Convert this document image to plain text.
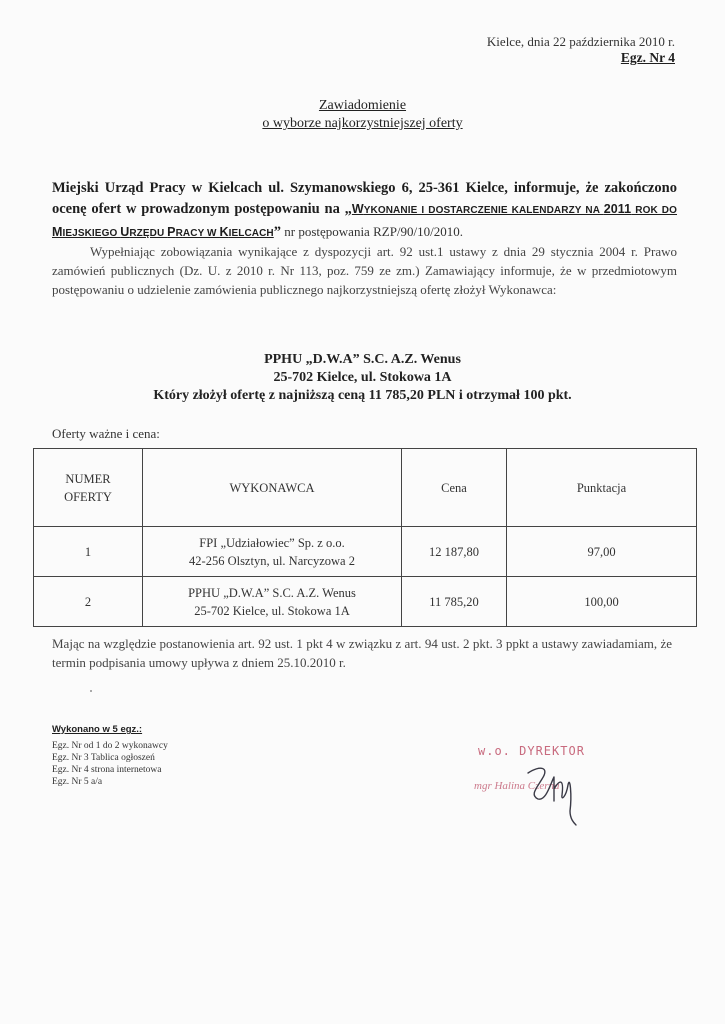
Kielce, dnia 22 października 2010 r.
Egz. Nr 4
Zawiadomienie
o wyborze najkorzystniejszej oferty
Miejski Urząd Pracy w Kielcach ul. Szymanowskiego 6, 25-361 Kielce, informuje, że zakończono ocenę ofert w prowadzonym postępowaniu na „WYKONANIE I DOSTARCZENIE KALENDARZY NA 2011 ROK DO MIEJSKIEGO URZĘDU PRACY W KIELCACH” nr postępowania RZP/90/10/2010.
Wypełniając zobowiązania wynikające z dyspozycji art. 92 ust.1 ustawy z dnia 29 stycznia 2004 r. Prawo zamówień publicznych (Dz. U. z 2010 r. Nr 113, poz. 759 ze zm.) Zamawiający informuje, że w przedmiotowym postępowaniu o udzielenie zamówienia publicznego najkorzystniejszą ofertę złożył Wykonawca:
PPHU „D.W.A” S.C. A.Z. Wenus
25-702 Kielce, ul. Stokowa 1A
Który złożył ofertę z najniższą ceną 11 785,20 PLN i otrzymał 100 pkt.
Oferty ważne i cena:
NUMER
OFERTY	WYKONAWCA	Cena	Punktacja
1	FPI „Udziałowiec” Sp. z o.o.
42-256 Olsztyn, ul. Narcyzowa 2	12 187,80	97,00
2	PPHU „D.W.A” S.C. A.Z. Wenus
25-702 Kielce, ul. Stokowa 1A	11 785,20	100,00
Mając na względzie postanowienia art. 92 ust. 1 pkt 4 w związku z art. 94 ust. 2 pkt. 3 ppkt a ustawy zawiadamiam, że termin podpisania umowy upływa z dniem 25.10.2010 r.
Wykonano w 5 egz.:
Egz. Nr od 1 do 2 wykonawcy
Egz. Nr 3 Tablica ogłoszeń
Egz. Nr 4 strona internetowa
Egz. Nr 5 a/a
w.o. DYREKTOR
mgr Halina Czerna
